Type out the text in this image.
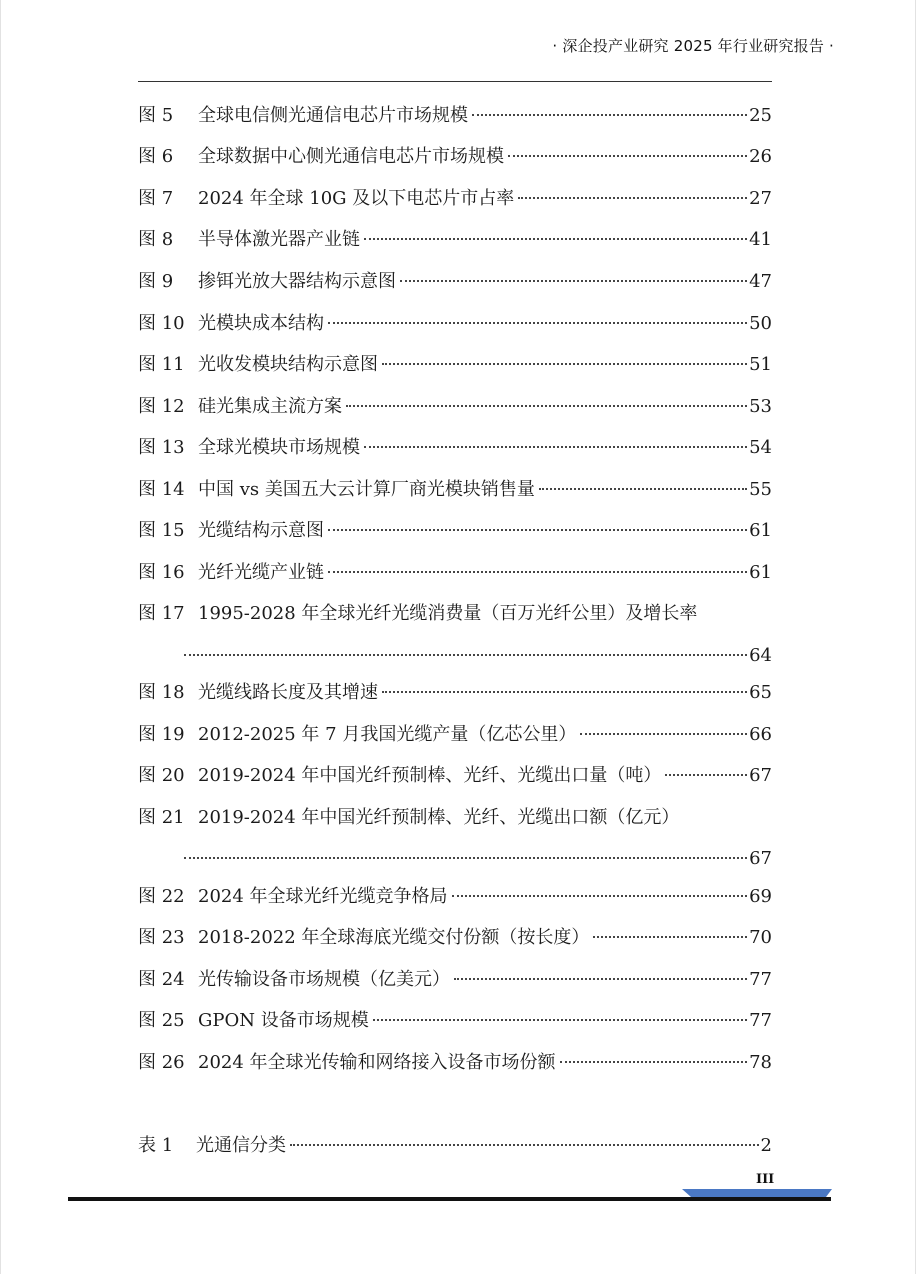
· 深企投产业研究 2025 年行业研究报告 ·
图 5	全球电信侧光通信电芯片市场规模	25
图 6	全球数据中心侧光通信电芯片市场规模	26
图 7	2024 年全球 10G 及以下电芯片市占率	27
图 8	半导体激光器产业链	41
图 9	掺铒光放大器结构示意图	47
图 10 光模块成本结构	50
图 11 光收发模块结构示意图	51
图 12 硅光集成主流方案	53
图 13 全球光模块市场规模	54
图 14 中国 vs 美国五大云计算厂商光模块销售量	55
图 15 光缆结构示意图	61
图 16 光纤光缆产业链	61
图 17 1995-2028 年全球光纤光缆消费量（百万光纤公里）及增长率
64
图 18 光缆线路长度及其增速	65
图 19 2012-2025 年 7 月我国光缆产量（亿芯公里）	66
图 20 2019-2024 年中国光纤预制棒、光纤、光缆出口量（吨）	67
图 21 2019-2024 年中国光纤预制棒、光纤、光缆出口额（亿元）
67
图 22 2024 年全球光纤光缆竞争格局	69
图 23 2018-2022 年全球海底光缆交付份额（按长度）	70
图 24 光传输设备市场规模（亿美元）	77
图 25 GPON 设备市场规模	77
图 26 2024 年全球光传输和网络接入设备市场份额	78
表 1	光通信分类	2
III
